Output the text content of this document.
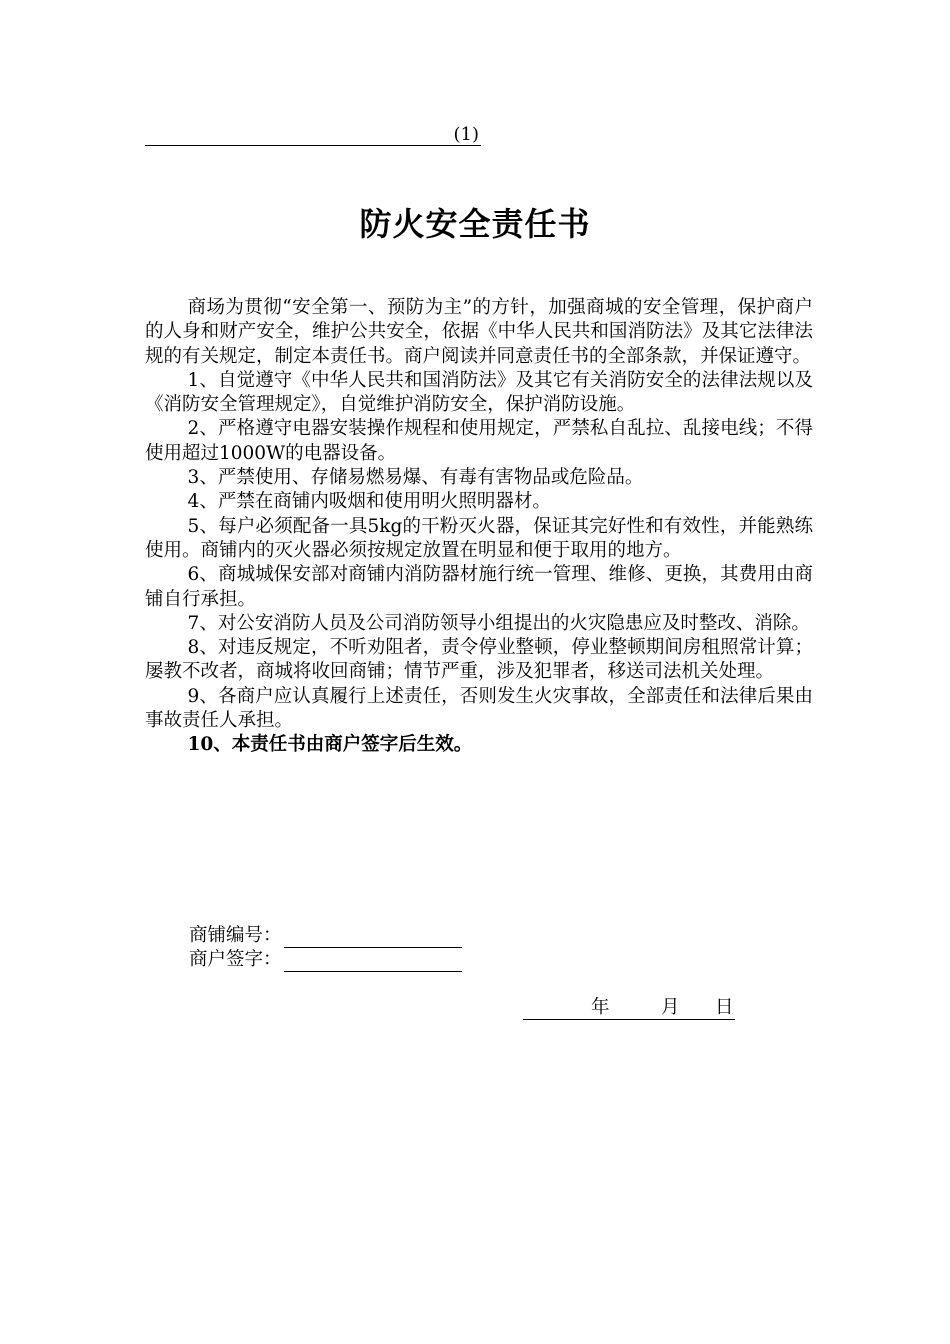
(1)
防火安全责任书

商场为贯彻“安全第一、预防为主”的方针，加强商城的安全管理，保护商户的人身和财产安全，维护公共安全，依据《中华人民共和国消防法》及其它法律法规的有关规定，制定本责任书。商户阅读并同意责任书的全部条款，并保证遵守。

1、自觉遵守《中华人民共和国消防法》及其它有关消防安全的法律法规以及《消防安全管理规定》，自觉维护消防安全，保护消防设施。

2、严格遵守电器安装操作规程和使用规定，严禁私自乱拉、乱接电线；不得使用超过1000W的电器设备。

3、严禁使用、存储易燃易爆、有毒有害物品或危险品。

4、严禁在商铺内吸烟和使用明火照明器材。

5、每户必须配备一具5kg的干粉灭火器，保证其完好性和有效性，并能熟练使用。商铺内的灭火器必须按规定放置在明显和便于取用的地方。

6、商城城保安部对商铺内消防器材施行统一管理、维修、更换，其费用由商铺自行承担。

7、对公安消防人员及公司消防领导小组提出的火灾隐患应及时整改、消除。

8、对违反规定，不听劝阻者，责令停业整顿，停业整顿期间房租照常计算；屡教不改者，商城将收回商铺；情节严重，涉及犯罪者，移送司法机关处理。

9、各商户应认真履行上述责任，否则发生火灾事故，全部责任和法律后果由事故责任人承担。

10、本责任书由商户签字后生效。

商铺编号：
商户签字：
年	月 日
